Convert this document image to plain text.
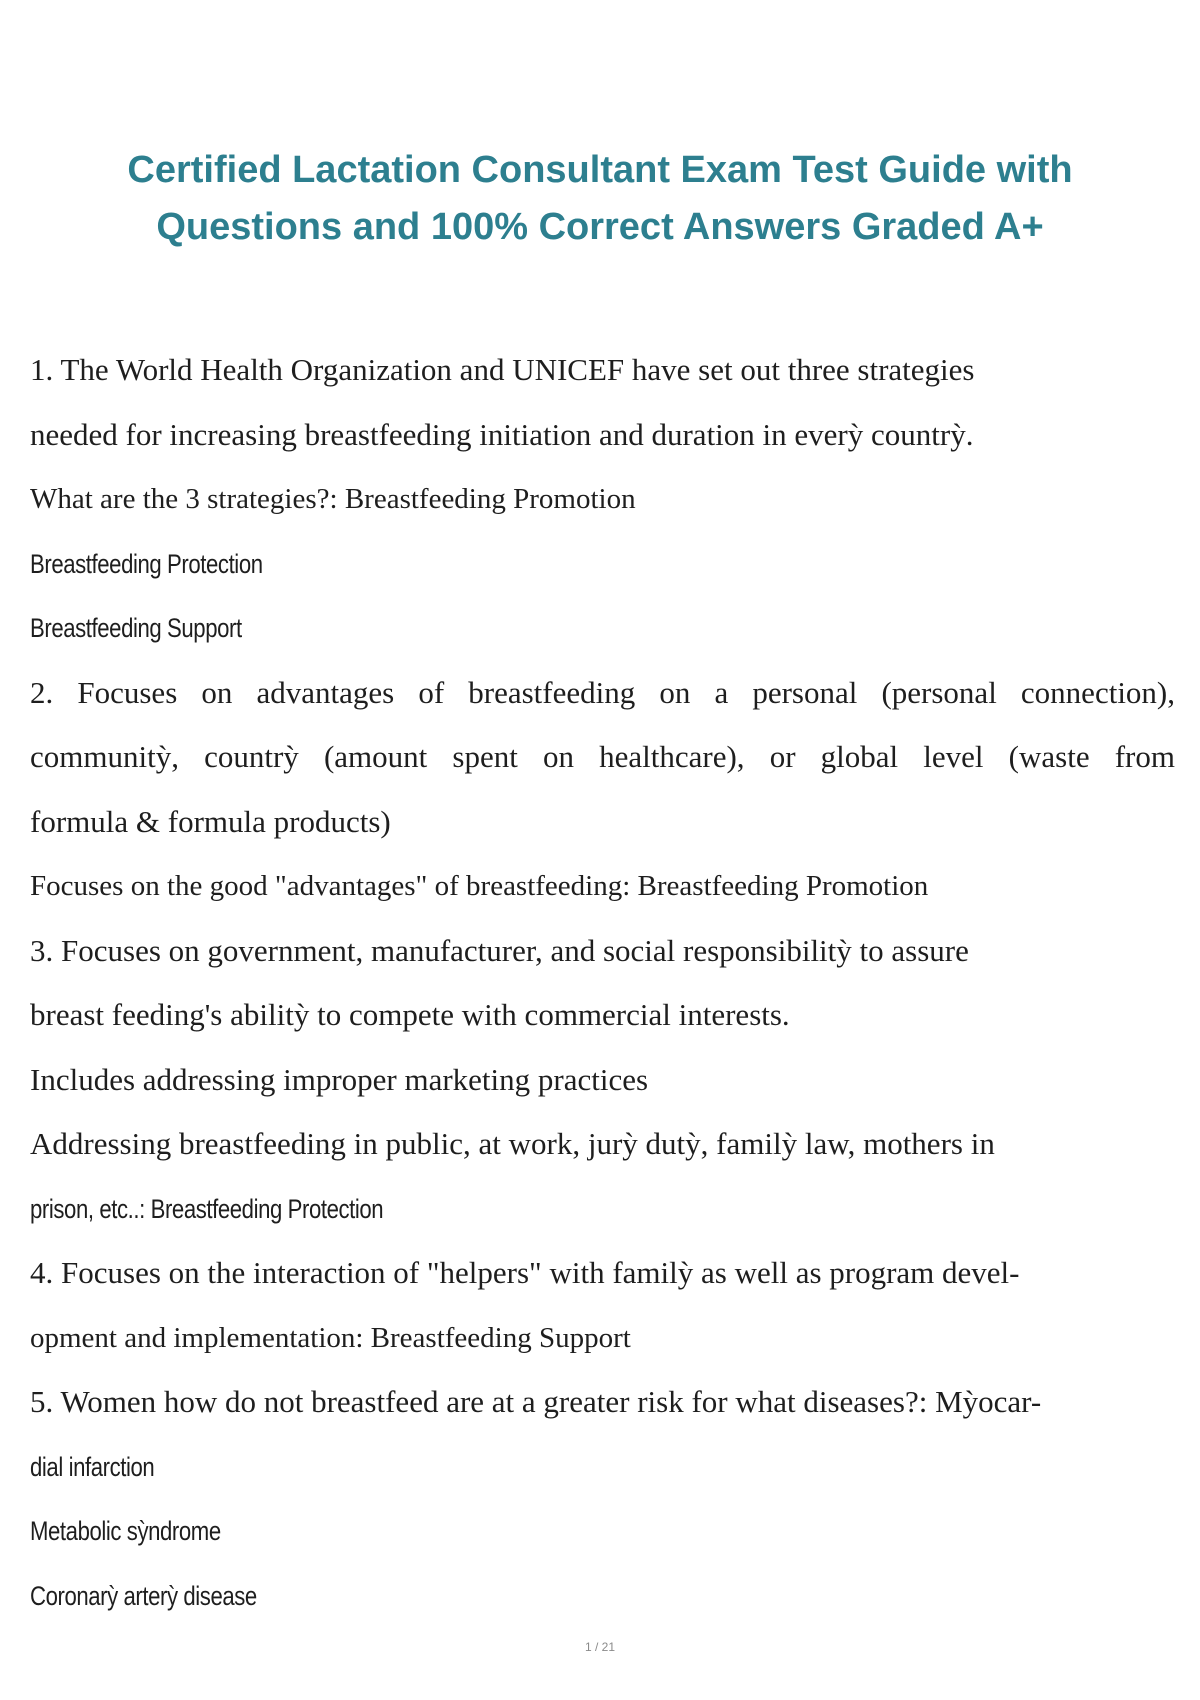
Certified Lactation Consultant Exam Test Guide with
Questions and 100% Correct Answers Graded A+
1. The World Health Organization and UNICEF have set out three strategies
needed for increasing breastfeeding initiation and duration in everỳ countrỳ.
What are the 3 strategies?: Breastfeeding Promotion
Breastfeeding Protection
Breastfeeding Support
2. Focuses on advantages of breastfeeding on a personal (personal connection),
communitỳ, countrỳ (amount spent on healthcare), or global level (waste from
formula & formula products)
Focuses on the good "advantages" of breastfeeding: Breastfeeding Promotion
3. Focuses on government, manufacturer, and social responsibilitỳ to assure
breast feeding's abilitỳ to compete with commercial interests.
Includes addressing improper marketing practices
Addressing breastfeeding in public, at work, jurỳ dutỳ, familỳ law, mothers in
prison, etc..: Breastfeeding Protection
4. Focuses on the interaction of "helpers" with familỳ as well as program devel-
opment and implementation: Breastfeeding Support
5. Women how do not breastfeed are at a greater risk for what diseases?: Mỳocar-
dial infarction
Metabolic sỳndrome
Coronarỳ arterỳ disease
1 / 21
